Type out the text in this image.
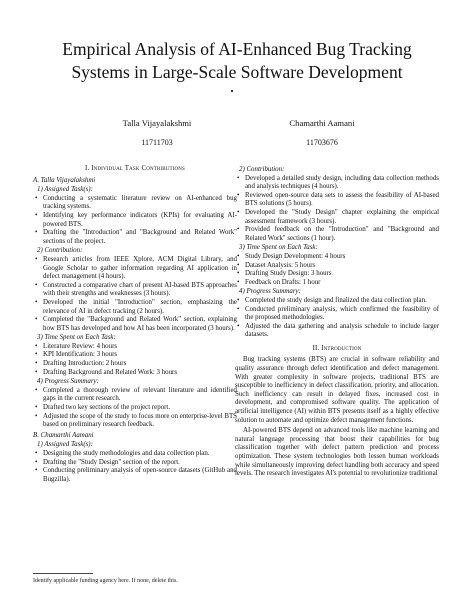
Empirical Analysis of AI-Enhanced Bug Tracking
Systems in Large-Scale Software Development
Talla Vijayalakshmi
11711703
Chamarthi Aamani
11703676
I. Individual Task Contributions
A. Talla Vijayalakshmi
1) Assigned Task(s):
• Conducting a systematic literature review on AI-enhanced bug tracking systems.
• Identifying key performance indicators (KPIs) for evaluating AI-powered BTS.
• Drafting the "Introduction" and "Background and Related Work" sections of the project.
2) Contribution:
• Research articles from IEEE Xplore, ACM Digital Library, and Google Scholar to gather information regarding AI application in defect management (4 hours).
• Constructed a comparative chart of present AI-based BTS approaches with their strengths and weaknesses (3 hours).
• Developed the initial "Introduction" section, emphasizing the relevance of AI in defect tracking (2 hours).
• Completed the "Background and Related Work" section, explaining how BTS has developed and how AI has been incorporated (3 hours).
3) Time Spent on Each Task:
• Literature Review: 4 hours
• KPI Identification: 3 hours
• Drafting Introduction: 2 hours
• Drafting Background and Related Work: 3 hours
4) Progress Summary:
• Completed a thorough review of relevant literature and identified gaps in the current research.
• Drafted two key sections of the project report.
• Adjusted the scope of the study to focus more on enterprise-level BTS based on preliminary research feedback.
B. Chamarthi Aamani
1) Assigned Task(s):
• Designing the study methodologies and data collection plan.
• Drafting the "Study Design" section of the report.
• Conducting preliminary analysis of open-source datasets (GitHub and Bugzilla).
2) Contribution:
• Developed a detailed study design, including data collection methods and analysis techniques (4 hours).
• Reviewed open-source data sets to assess the feasibility of AI-based BTS solutions (5 hours).
• Developed the "Study Design" chapter explaining the empirical assessment framework (3 hours).
• Provided feedback on the "Introduction" and "Background and Related Work" sections (1 hour).
3) Time Spent on Each Task:
• Study Design Development: 4 hours
• Dataset Analysis: 5 hours
• Drafting Study Design: 3 hours
• Feedback on Drafts: 1 hour
4) Progress Summary:
• Completed the study design and finalized the data collection plan.
• Conducted preliminary analysis, which confirmed the feasibility of the proposed methodologies.
• Adjusted the data gathering and analysis schedule to include larger datasets.
II. Introduction

Bug tracking systems (BTS) are crucial in software reliability and quality assurance through defect identification and defect management. With greater complexity in software projects, traditional BTS are susceptible to inefficiency in defect classification, priority, and allocation. Such inefficiency can result in delayed fixes, increased cost in development, and compromised software quality. The application of artificial intelligence (AI) within BTS presents itself as a highly effective solution to automate and optimize defect management functions.

AI-powered BTS depend on advanced tools like machine learning and natural language processing that boost their capabilities for bug classification together with defect pattern prediction and process optimization. These system technologies both lessen human workloads while simultaneously improving defect handling both accuracy and speed levels. The research investigates AI's potential to revolutionize traditional

Identify applicable funding agency here. If none, delete this.
